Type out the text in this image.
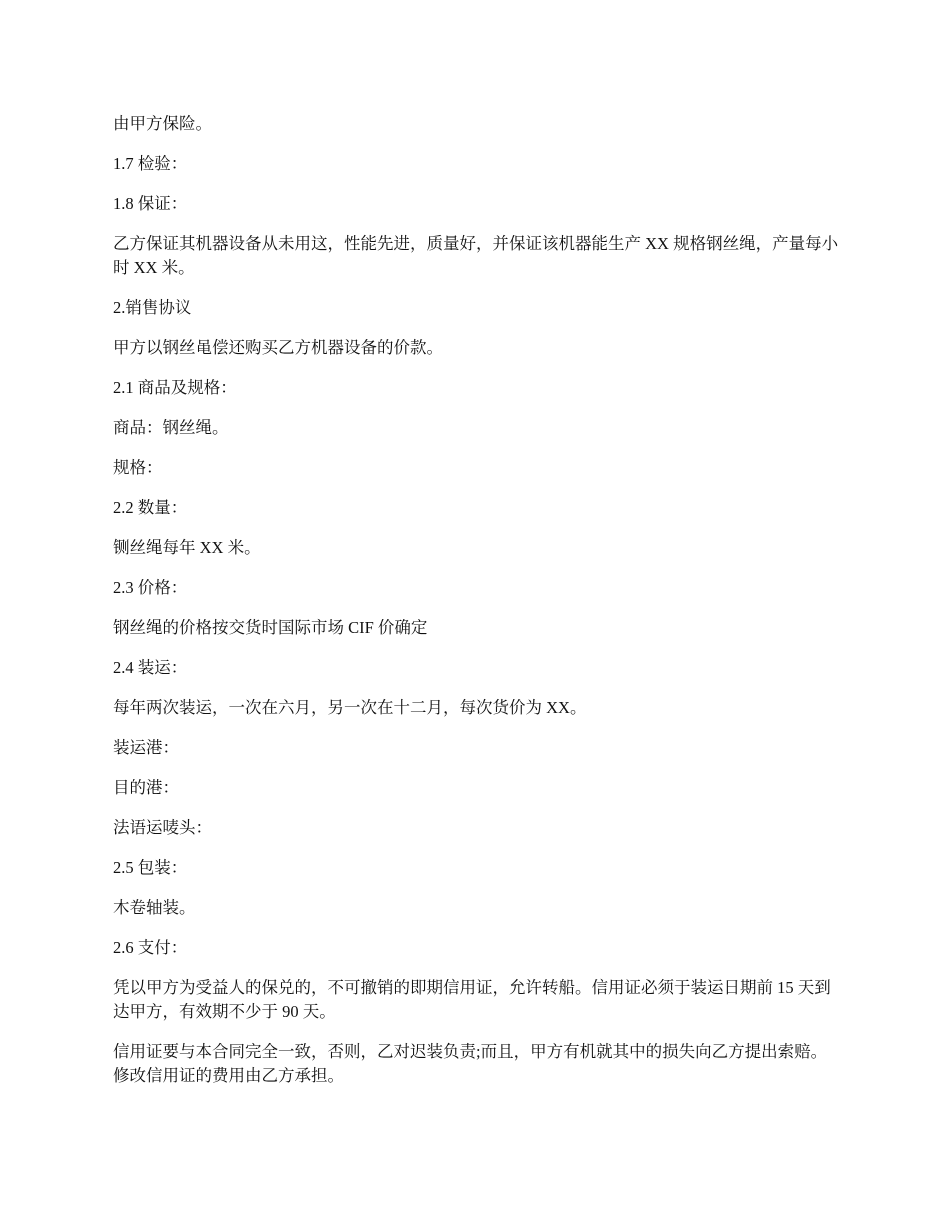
由甲方保险。

1.7 检验：

1.8 保证：

乙方保证其机器设备从未用这，性能先进，质量好，并保证该机器能生产 XX 规格钢丝绳，产量每小时 XX 米。

2.销售协议

甲方以钢丝黾偿还购买乙方机器设备的价款。

2.1 商品及规格：

商品：钢丝绳。

规格：

2.2 数量：

铡丝绳每年 XX 米。

2.3 价格：

钢丝绳的价格按交货时国际市场 CIF 价确定

2.4 装运：

每年两次装运，一次在六月，另一次在十二月，每次货价为 XX。

装运港：

目的港：

法语运唛头：

2.5 包装：

木卷轴装。

2.6 支付：

凭以甲方为受益人的保兑的，不可撤销的即期信用证，允许转船。信用证必须于装运日期前 15 天到达甲方，有效期不少于 90 天。

信用证要与本合同完全一致，否则，乙对迟装负责;而且，甲方有机就其中的损失向乙方提出索赔。修改信用证的费用由乙方承担。
